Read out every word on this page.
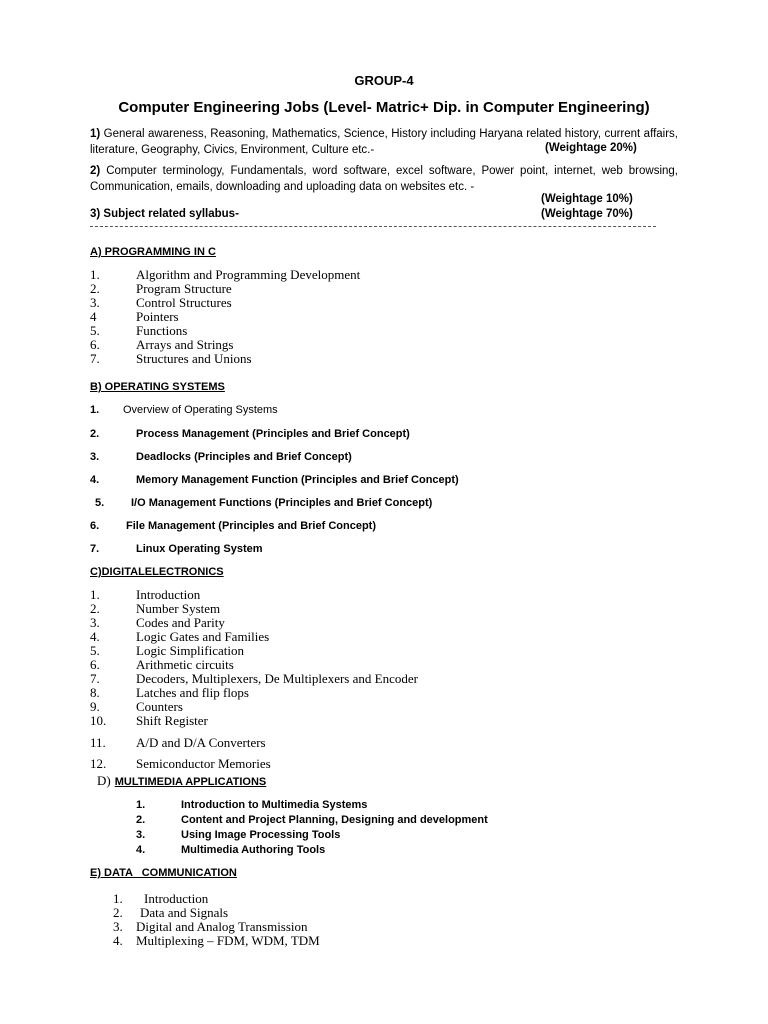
GROUP-4
Computer Engineering Jobs (Level- Matric+ Dip. in Computer Engineering)
1) General awareness, Reasoning, Mathematics, Science, History including Haryana related history, current affairs, literature, Geography, Civics, Environment, Culture etc.-	(Weightage 20%)
2) Computer terminology, Fundamentals, word software, excel software, Power point, internet, web browsing, Communication, emails, downloading and uploading data on websites etc. -
(Weightage 10%)
3) Subject related syllabus-	(Weightage 70%)
A) PROGRAMMING IN C
1.	Algorithm and Programming Development
2.	Program Structure
3.	Control Structures
4	Pointers
5.	Functions
6.	Arrays and Strings
7.	Structures and Unions
B) OPERATING SYSTEMS
1. Overview of Operating Systems
2.	Process Management (Principles and Brief Concept)
3.	Deadlocks (Principles and Brief Concept)
4.	Memory Management Function (Principles and Brief Concept)
5. I/O Management Functions (Principles and Brief Concept)
6. File Management (Principles and Brief Concept)
7.	Linux Operating System
C)DIGITALELECTRONICS
1.	Introduction
2.	Number System
3.	Codes and Parity
4.	Logic Gates and Families
5.	Logic Simplification
6.	Arithmetic circuits
7.	Decoders, Multiplexers, De Multiplexers and Encoder
8.	Latches and flip flops
9.	Counters
10. Shift Register
11. A/D and D/A Converters
12. Semiconductor Memories
D) MULTIMEDIA APPLICATIONS
1.	Introduction to Multimedia Systems
2.	Content and Project Planning, Designing and development
3.	Using Image Processing Tools
4.	Multimedia Authoring Tools
E) DATA   COMMUNICATION
1. Introduction
2. Data and Signals
3. Digital and Analog Transmission
4. Multiplexing – FDM, WDM, TDM
